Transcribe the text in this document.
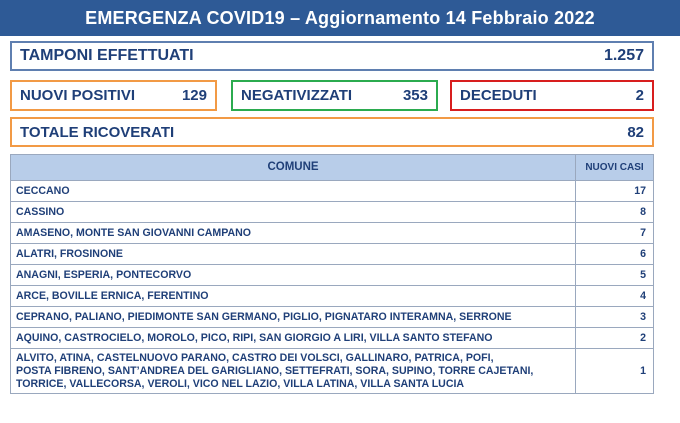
EMERGENZA COVID19 – Aggiornamento 14 Febbraio 2022
TAMPONI EFFETTUATI	1.257
NUOVI POSITIVI	129 NEGATIVIZZATI	353 DECEDUTI	2
TOTALE RICOVERATI	82
COMUNE	NUOVI CASI
CECCANO	17
CASSINO	8
AMASENO, MONTE SAN GIOVANNI CAMPANO	7
ALATRI, FROSINONE	6
ANAGNI, ESPERIA, PONTECORVO	5
ARCE, BOVILLE ERNICA, FERENTINO	4
CEPRANO, PALIANO, PIEDIMONTE SAN GERMANO, PIGLIO, PIGNATARO INTERAMNA, SERRONE	3
AQUINO, CASTROCIELO, MOROLO, PICO, RIPI, SAN GIORGIO A LIRI, VILLA SANTO STEFANO	2

ALVITO, ATINA, CASTELNUOVO PARANO, CASTRO DEI VOLSCI, GALLINARO, PATRICA, POFI,
POSTA FIBRENO, SANT’ANDREA DEL GARIGLIANO, SETTEFRATI, SORA, SUPINO, TORRE CAJETANI,
TORRICE, VALLECORSA, VEROLI, VICO NEL LAZIO, VILLA LATINA, VILLA SANTA LUCIA	1
